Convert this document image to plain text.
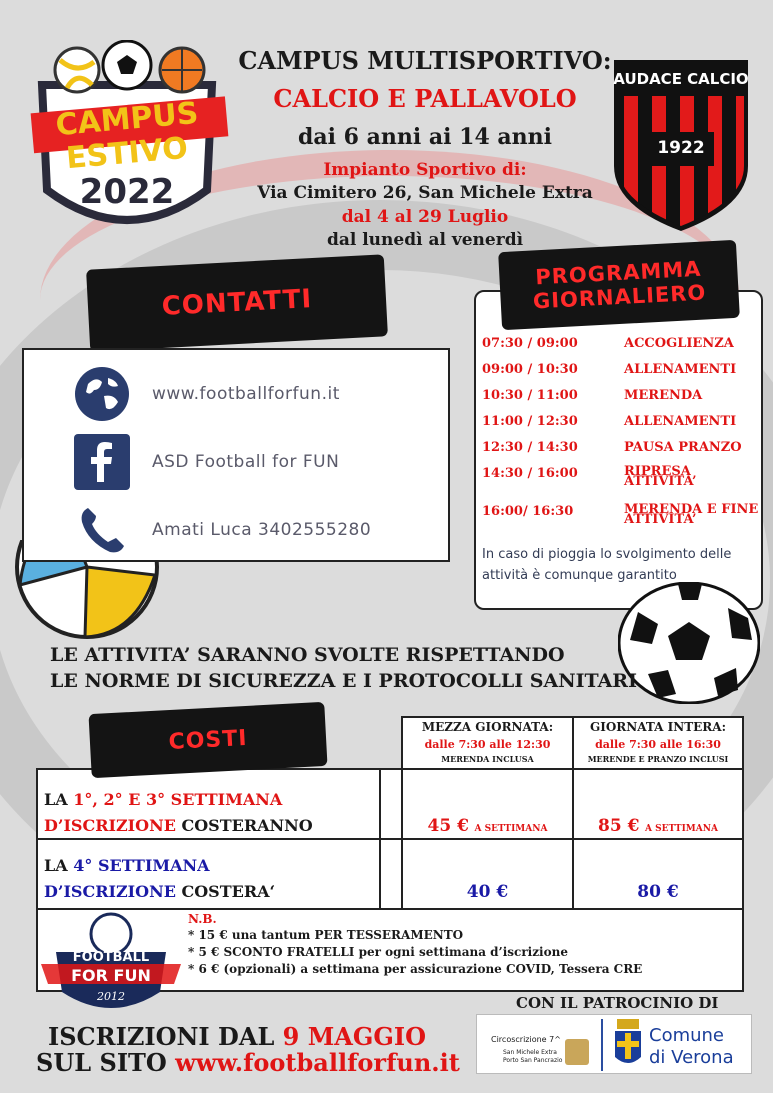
CAMPUS
ESTIVO
2022
CAMPUS MULTISPORTIVO:
CALCIO E PALLAVOLO
dai 6 anni ai 14 anni
Impianto Sportivo di:
Via Cimitero 26, San Michele Extra
dal 4 al 29 Luglio
dal lunedì al venerdì
AUDACE CALCIO
1922
CONTATTI
www.footballforfun.it
ASD Football for FUN
Amati Luca 3402555280
07:30 / 09:00	ACCOGLIENZA
09:00 / 10:30	ALLENAMENTI
10:30 / 11:00	MERENDA
11:00 / 12:30	ALLENAMENTI
12:30 / 14:30	PAUSA PRANZO
14:30 / 16:00	RIPRESA ATTIVITA’
16:00/ 16:30	MERENDA E FINE ATTIVITA’
In caso di pioggia lo svolgimento delle attività è comunque garantito
PROGRAMMA
GIORNALIERO
LE ATTIVITA’ SARANNO SVOLTE RISPETTANDO
LE NORME DI SICUREZZA E I PROTOCOLLI SANITARI
MEZZA GIORNATA:
dalle 7:30 alle 12:30
MERENDA INCLUSA
GIORNATA INTERA:
dalle 7:30 alle 16:30
MERENDE E PRANZO INCLUSI
LA 1°, 2° E 3° SETTIMANA
D’ISCRIZIONE COSTERANNO	45 € A SETTIMANA	85 € A SETTIMANA
LA 4° SETTIMANA
D’ISCRIZIONE COSTERA‘	40 €	80 €
N.B.
* 15 € una tantum PER TESSERAMENTO
* 5 € SCONTO FRATELLI per ogni settimana d’iscrizione
* 6 € (opzionali) a settimana per assicurazione COVID, Tessera CRE
COSTI
FOOTBALL
FOR FUN
2012
ISCRIZIONI DAL 9 MAGGIO
SUL SITO www.footballforfun.it
CON IL PATROCINIO DI
Circoscrizione 7^
San Michele Extra
Porto San Pancrazio
Comune
di Verona
